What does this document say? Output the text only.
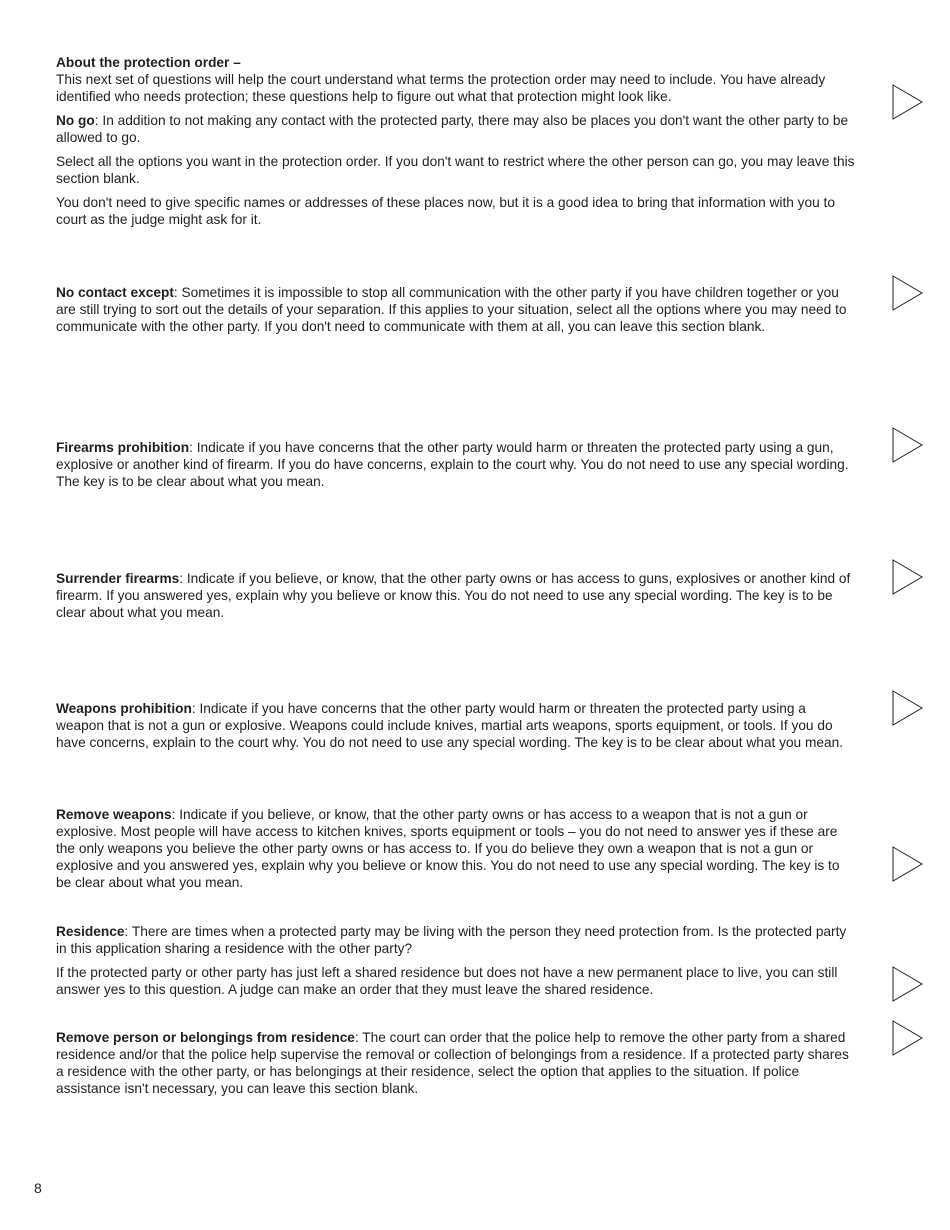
About the protection order –
This next set of questions will help the court understand what terms the protection order may need to include. You have already identified who needs protection; these questions help to figure out what that protection might look like.

No go: In addition to not making any contact with the protected party, there may also be places you don't want the other party to be allowed to go.

Select all the options you want in the protection order. If you don't want to restrict where the other person can go, you may leave this section blank.

You don't need to give specific names or addresses of these places now, but it is a good idea to bring that information with you to court as the judge might ask for it.

No contact except: Sometimes it is impossible to stop all communication with the other party if you have children together or you are still trying to sort out the details of your separation. If this applies to your situation, select all the options where you may need to communicate with the other party. If you don't need to communicate with them at all, you can leave this section blank.

Firearms prohibition: Indicate if you have concerns that the other party would harm or threaten the protected party using a gun, explosive or another kind of firearm. If you do have concerns, explain to the court why. You do not need to use any special wording. The key is to be clear about what you mean.

Surrender firearms: Indicate if you believe, or know, that the other party owns or has access to guns, explosives or another kind of firearm. If you answered yes, explain why you believe or know this. You do not need to use any special wording. The key is to be clear about what you mean.

Weapons prohibition: Indicate if you have concerns that the other party would harm or threaten the protected party using a weapon that is not a gun or explosive. Weapons could include knives, martial arts weapons, sports equipment, or tools. If you do have concerns, explain to the court why. You do not need to use any special wording. The key is to be clear about what you mean.

Remove weapons: Indicate if you believe, or know, that the other party owns or has access to a weapon that is not a gun or explosive. Most people will have access to kitchen knives, sports equipment or tools – you do not need to answer yes if these are the only weapons you believe the other party owns or has access to. If you do believe they own a weapon that is not a gun or explosive and you answered yes, explain why you believe or know this. You do not need to use any special wording. The key is to be clear about what you mean.

Residence: There are times when a protected party may be living with the person they need protection from. Is the protected party in this application sharing a residence with the other party?

If the protected party or other party has just left a shared residence but does not have a new permanent place to live, you can still answer yes to this question. A judge can make an order that they must leave the shared residence.

Remove person or belongings from residence: The court can order that the police help to remove the other party from a shared residence and/or that the police help supervise the removal or collection of belongings from a residence. If a protected party shares a residence with the other party, or has belongings at their residence, select the option that applies to the situation. If police assistance isn't necessary, you can leave this section blank.

8
